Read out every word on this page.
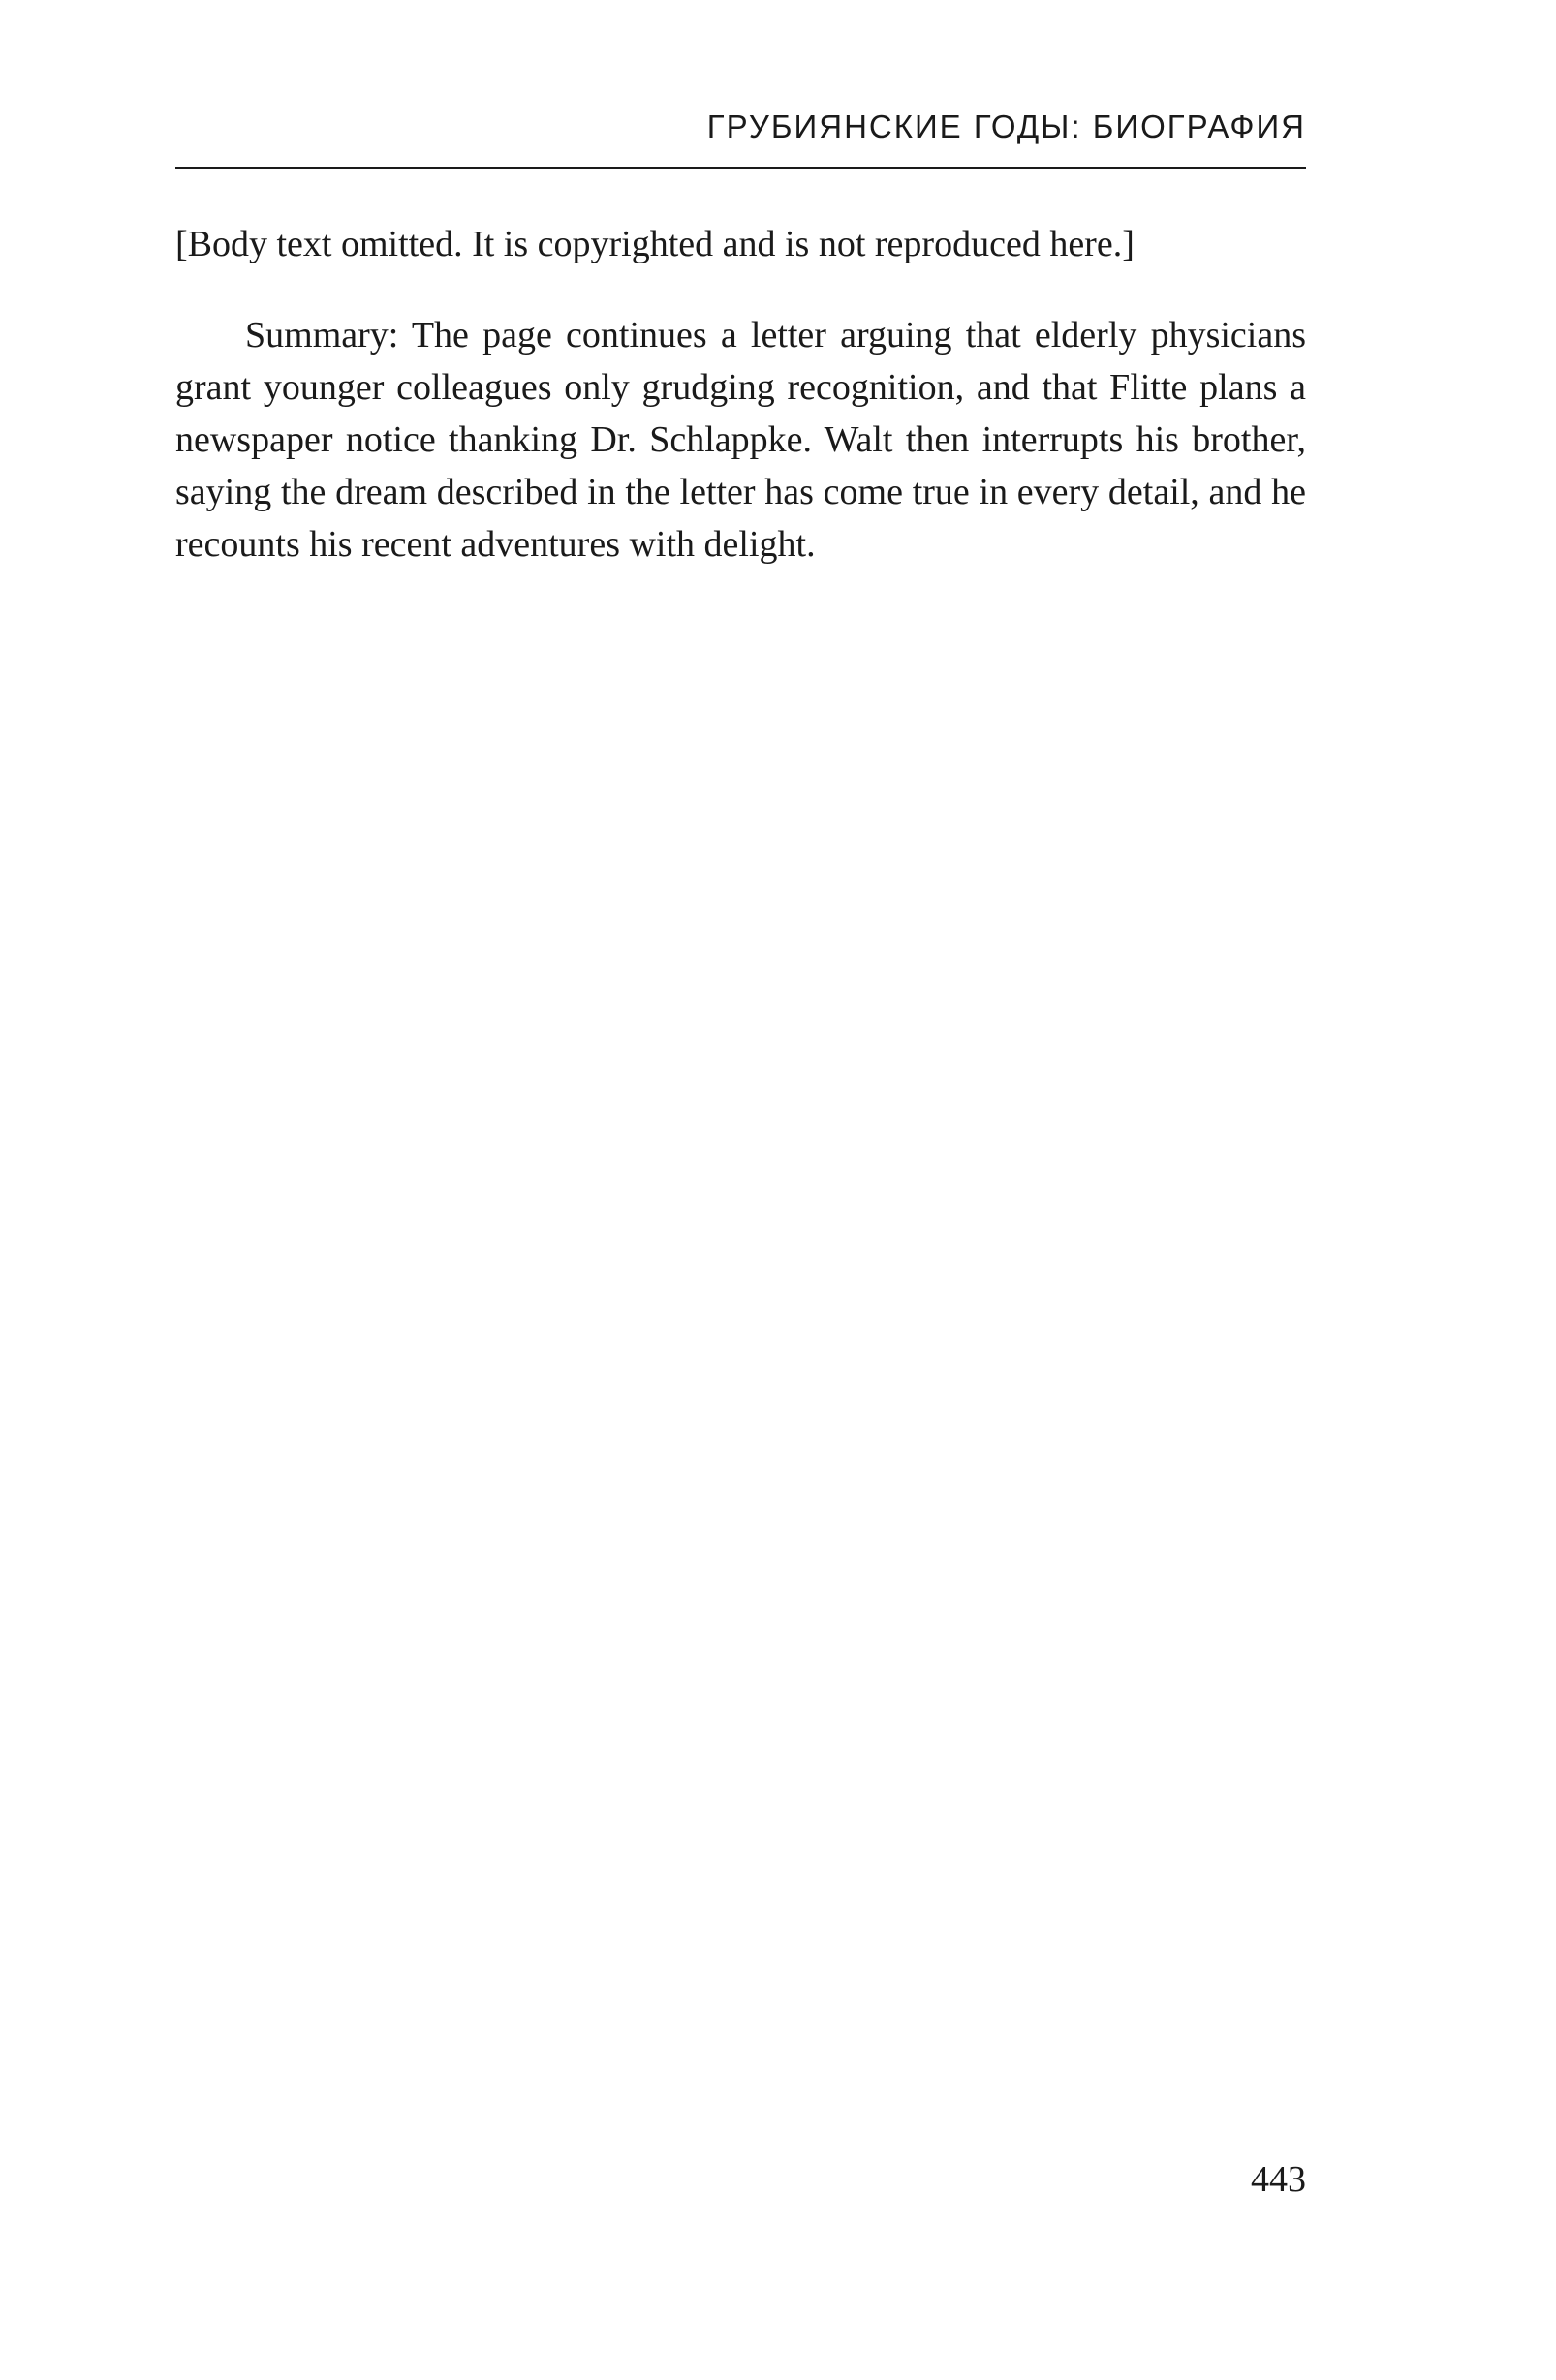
ГРУБИЯНСКИЕ ГОДЫ: БИОГРАФИЯ

[Body text omitted. It is copyrighted and is not reproduced here.]

Summary: The page continues a letter arguing that elderly physicians grant younger colleagues only grudging recognition, and that Flitte plans a newspaper notice thanking Dr. Schlappke. Walt then interrupts his brother, saying the dream described in the letter has come true in every detail, and he recounts his recent adventures with delight.

443
